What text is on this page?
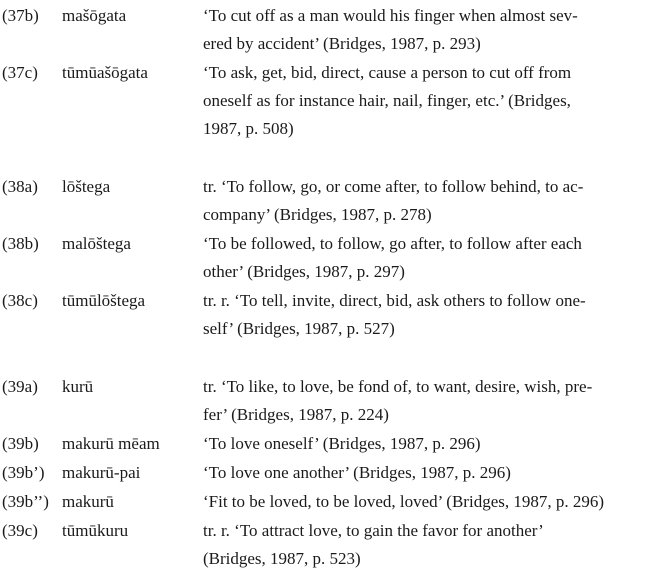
(37b) mašōgata	‘To cut off as a man would his finger when almost sev-
ered by accident’ (Bridges, 1987, p. 293)
(37c) tūmūašōgata	‘To ask, get, bid, direct, cause a person to cut off from
oneself as for instance hair, nail, finger, etc.’ (Bridges,
1987, p. 508)
(38a) lōštega	tr. ‘To follow, go, or come after, to follow behind, to ac-
company’ (Bridges, 1987, p. 278)
(38b) malōštega	‘To be followed, to follow, go after, to follow after each
other’ (Bridges, 1987, p. 297)
(38c) tūmūlōštega	tr. r. ‘To tell, invite, direct, bid, ask others to follow one-
self’ (Bridges, 1987, p. 527)
(39a) kurū	tr. ‘To like, to love, be fond of, to want, desire, wish, pre-
fer’ (Bridges, 1987, p. 224)
(39b) makurū mēam	‘To love oneself’ (Bridges, 1987, p. 296)
(39b’) makurū-pai	‘To love one another’ (Bridges, 1987, p. 296)
(39b’’) makurū	‘Fit to be loved, to be loved, loved’ (Bridges, 1987, p. 296)
(39c) tūmūkuru	tr. r. ‘To attract love, to gain the favor for another’
(Bridges, 1987, p. 523)
